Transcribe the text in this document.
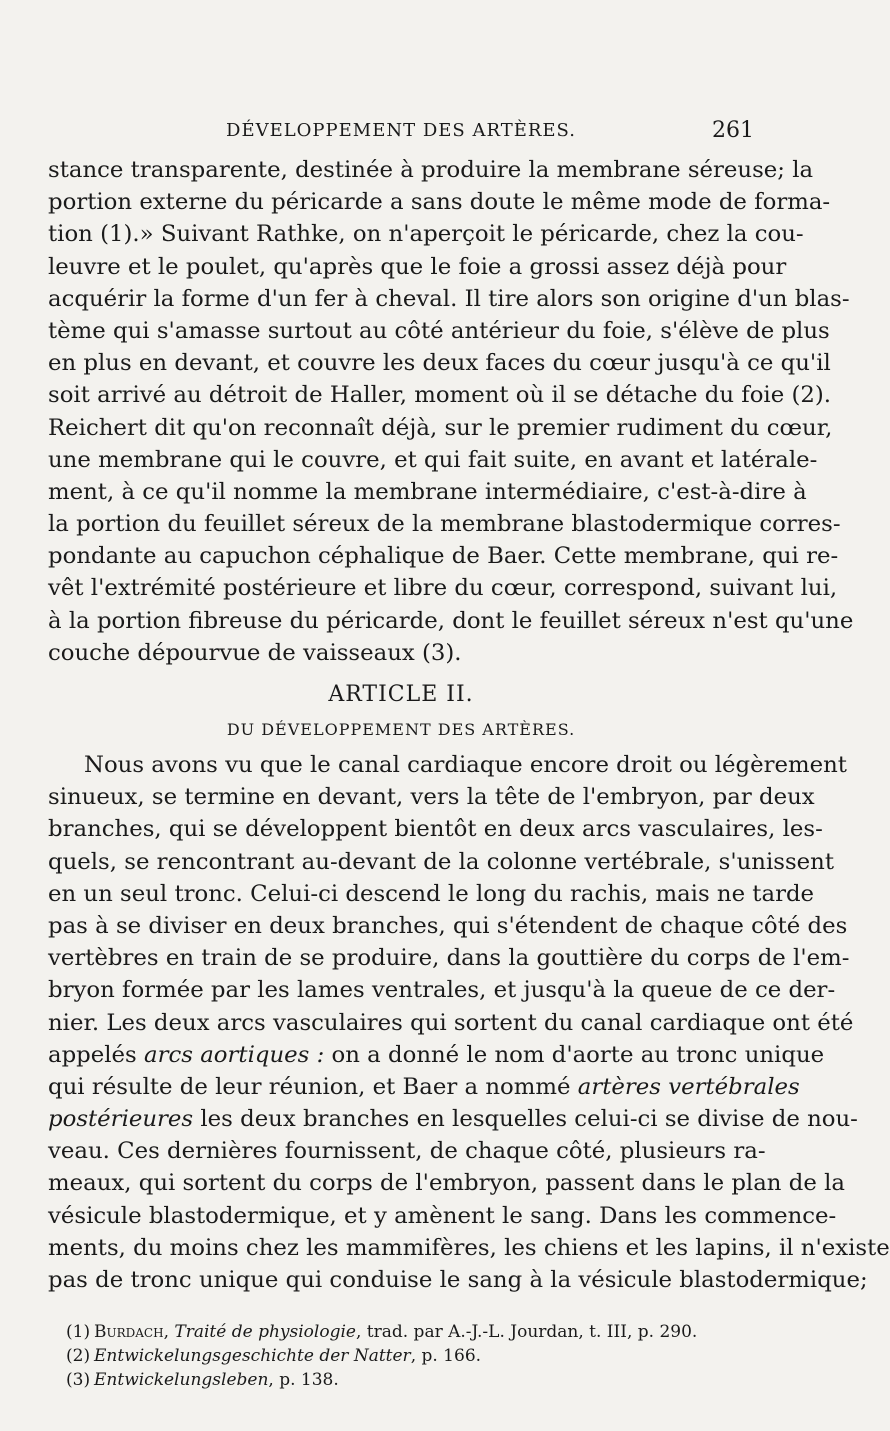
DÉVELOPPEMENT DES ARTÈRES.	261
stance transparente, destinée à produire la membrane séreuse; la
portion externe du péricarde a sans doute le même mode de forma-
tion (1).» Suivant Rathke, on n'aperçoit le péricarde, chez la cou-
leuvre et le poulet, qu'après que le foie a grossi assez déjà pour
acquérir la forme d'un fer à cheval. Il tire alors son origine d'un blas-
tème qui s'amasse surtout au côté antérieur du foie, s'élève de plus
en plus en devant, et couvre les deux faces du cœur jusqu'à ce qu'il
soit arrivé au détroit de Haller, moment où il se détache du foie (2).
Reichert dit qu'on reconnaît déjà, sur le premier rudiment du cœur,
une membrane qui le couvre, et qui fait suite, en avant et latérale-
ment, à ce qu'il nomme la membrane intermédiaire, c'est-à-dire à
la portion du feuillet séreux de la membrane blastodermique corres-
pondante au capuchon céphalique de Baer. Cette membrane, qui re-
vêt l'extrémité postérieure et libre du cœur, correspond, suivant lui,
à la portion fibreuse du péricarde, dont le feuillet séreux n'est qu'une
couche dépourvue de vaisseaux (3).
ARTICLE II.
DU DÉVELOPPEMENT DES ARTÈRES.
Nous avons vu que le canal cardiaque encore droit ou légèrement
sinueux, se termine en devant, vers la tête de l'embryon, par deux
branches, qui se développent bientôt en deux arcs vasculaires, les-
quels, se rencontrant au-devant de la colonne vertébrale, s'unissent
en un seul tronc. Celui-ci descend le long du rachis, mais ne tarde
pas à se diviser en deux branches, qui s'étendent de chaque côté des
vertèbres en train de se produire, dans la gouttière du corps de l'em-
bryon formée par les lames ventrales, et jusqu'à la queue de ce der-
nier. Les deux arcs vasculaires qui sortent du canal cardiaque ont été
appelés arcs aortiques : on a donné le nom d'aorte au tronc unique
qui résulte de leur réunion, et Baer a nommé artères vertébrales
postérieures les deux branches en lesquelles celui-ci se divise de nou-
veau. Ces dernières fournissent, de chaque côté, plusieurs ra-
meaux, qui sortent du corps de l'embryon, passent dans le plan de la
vésicule blastodermique, et y amènent le sang. Dans les commence-
ments, du moins chez les mammifères, les chiens et les lapins, il n'existe
pas de tronc unique qui conduise le sang à la vésicule blastodermique;
(1) Burdach, Traité de physiologie, trad. par A.-J.-L. Jourdan, t. III, p. 290.
(2) Entwickelungsgeschichte der Natter, p. 166.
(3) Entwickelungsleben, p. 138.
